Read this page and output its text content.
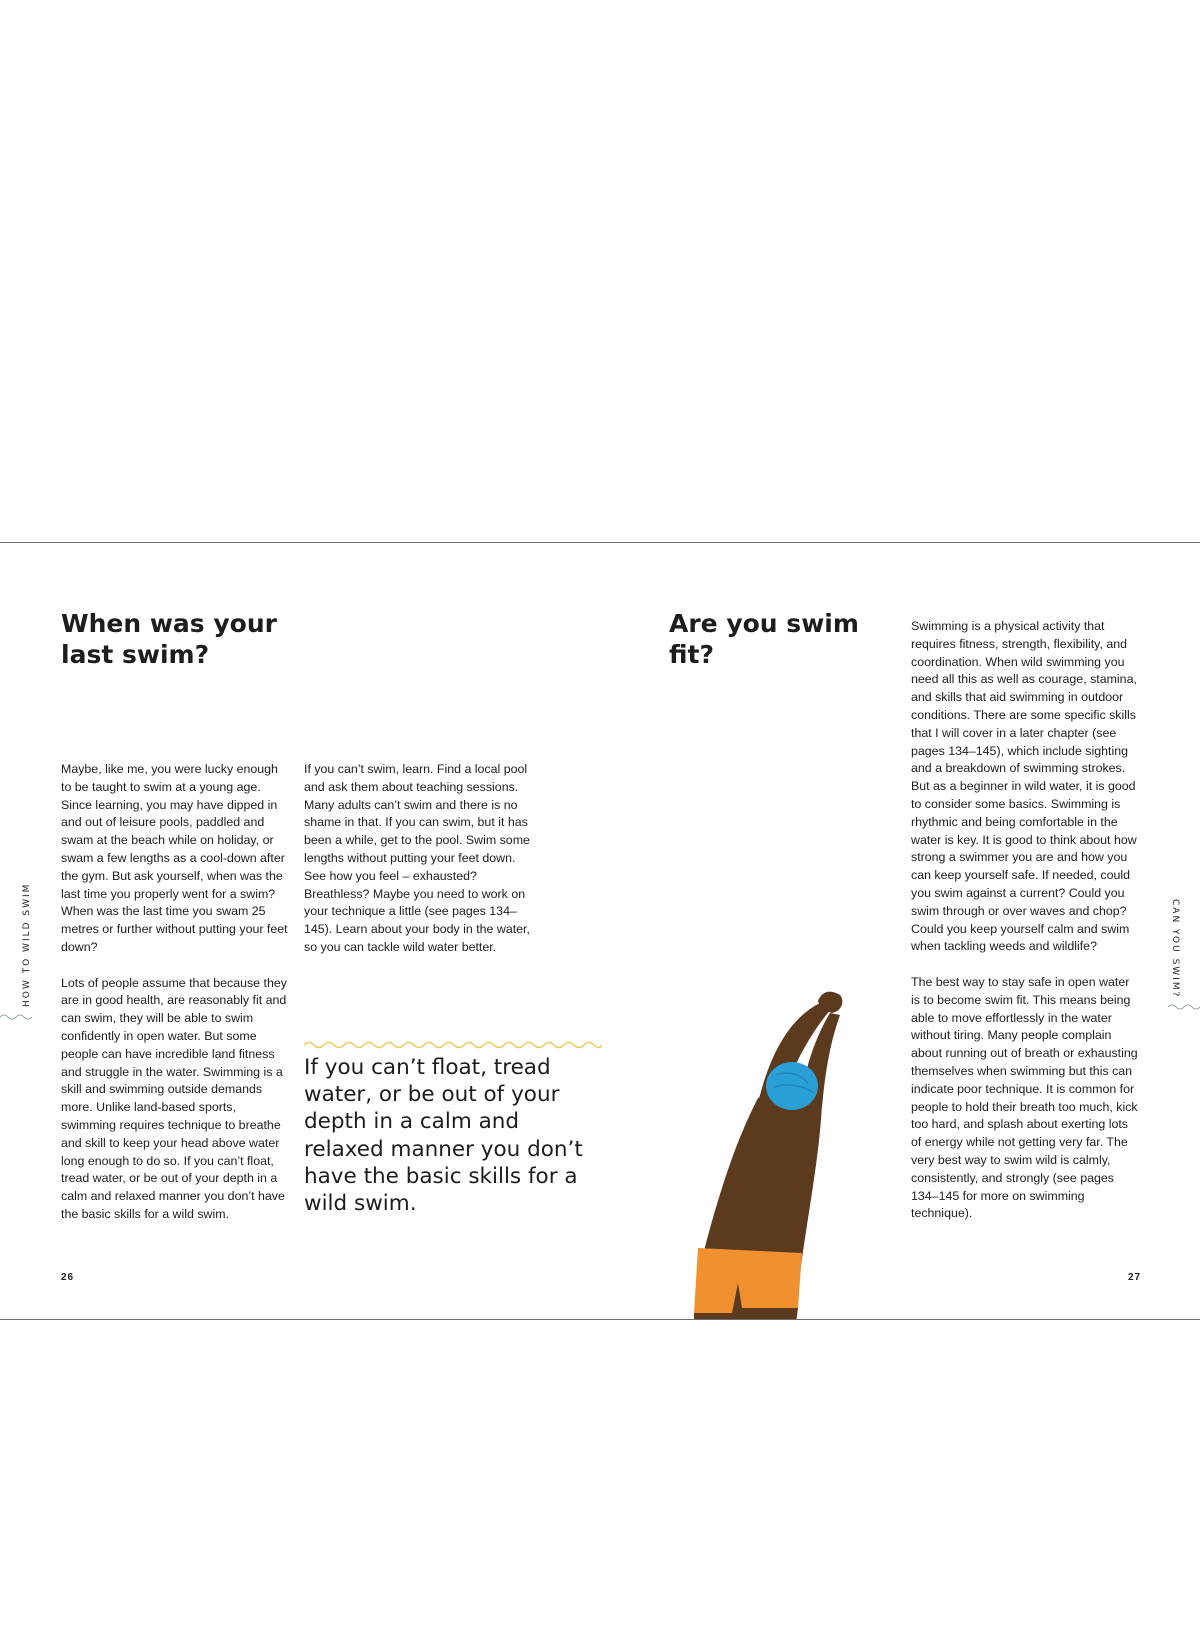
When was your last swim?

Maybe, like me, you were lucky enough to be taught to swim at a young age. Since learning, you may have dipped in and out of leisure pools, paddled and swam at the beach while on holiday, or swam a few lengths as a cool-down after the gym. But ask yourself, when was the last time you properly went for a swim? When was the last time you swam 25 metres or further without putting your feet down?

Lots of people assume that because they are in good health, are reasonably fit and can swim, they will be able to swim confidently in open water. But some people can have incredible land fitness and struggle in the water. Swimming is a skill and swimming outside demands more. Unlike land-based sports, swimming requires technique to breathe and skill to keep your head above water long enough to do so. If you can’t float, tread water, or be out of your depth in a calm and relaxed manner you don’t have the basic skills for a wild swim.

If you can’t swim, learn. Find a local pool and ask them about teaching sessions. Many adults can’t swim and there is no shame in that. If you can swim, but it has been a while, get to the pool. Swim some lengths without putting your feet down. See how you feel – exhausted? Breathless? Maybe you need to work on your technique a little (see pages 134–145). Learn about your body in the water, so you can tackle wild water better.

If you can’t float, tread water, or be out of your depth in a calm and relaxed manner you don’t have the basic skills for a wild swim.

26
HOW TO WILD SWIM
Are you swim fit?

Swimming is a physical activity that requires fitness, strength, flexibility, and coordination. When wild swimming you need all this as well as courage, stamina, and skills that aid swimming in outdoor conditions. There are some specific skills that I will cover in a later chapter (see pages 134–145), which include sighting and a breakdown of swimming strokes. But as a beginner in wild water, it is good to consider some basics. Swimming is rhythmic and being comfortable in the water is key. It is good to think about how strong a swimmer you are and how you can keep yourself safe. If needed, could you swim against a current? Could you swim through or over waves and chop? Could you keep yourself calm and swim when tackling weeds and wildlife?

The best way to stay safe in open water is to become swim fit. This means being able to move effortlessly in the water without tiring. Many people complain about running out of breath or exhausting themselves when swimming but this can indicate poor technique. It is common for people to hold their breath too much, kick too hard, and splash about exerting lots of energy while not getting very far. The very best way to swim wild is calmly, consistently, and strongly (see pages 134–145 for more on swimming technique).

27
CAN YOU SWIM?
